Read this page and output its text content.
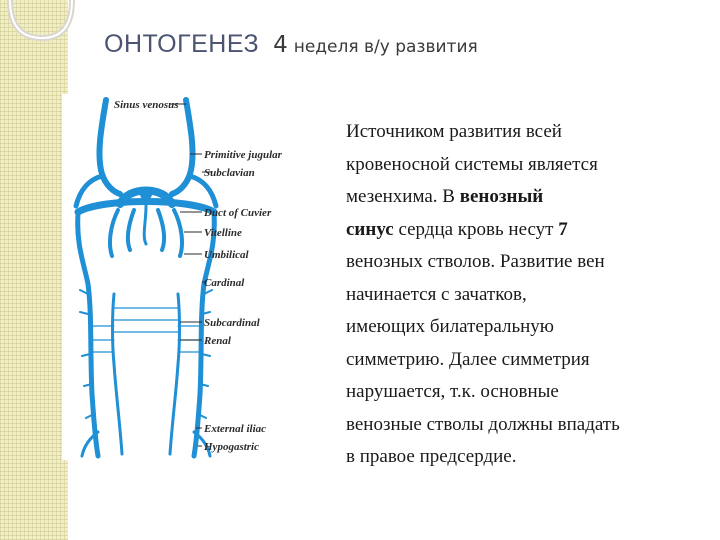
ОНТОГЕНЕЗ 4 неделя в/у развития
Sinus venosus
Primitive jugular
Subclavian
Duct of Cuvier
Vitelline
Umbilical
Cardinal
Subcardinal
Renal
External iliac
Hypogastric
Источником развития всей
кровеносной системы является
мезенхима. В венозный
синус сердца кровь несут 7
венозных стволов. Развитие вен
начинается с зачатков,
имеющих билатеральную
симметрию. Далее симметрия
нарушается, т.к. основные
венозные стволы должны впадать
в правое предсердие.
